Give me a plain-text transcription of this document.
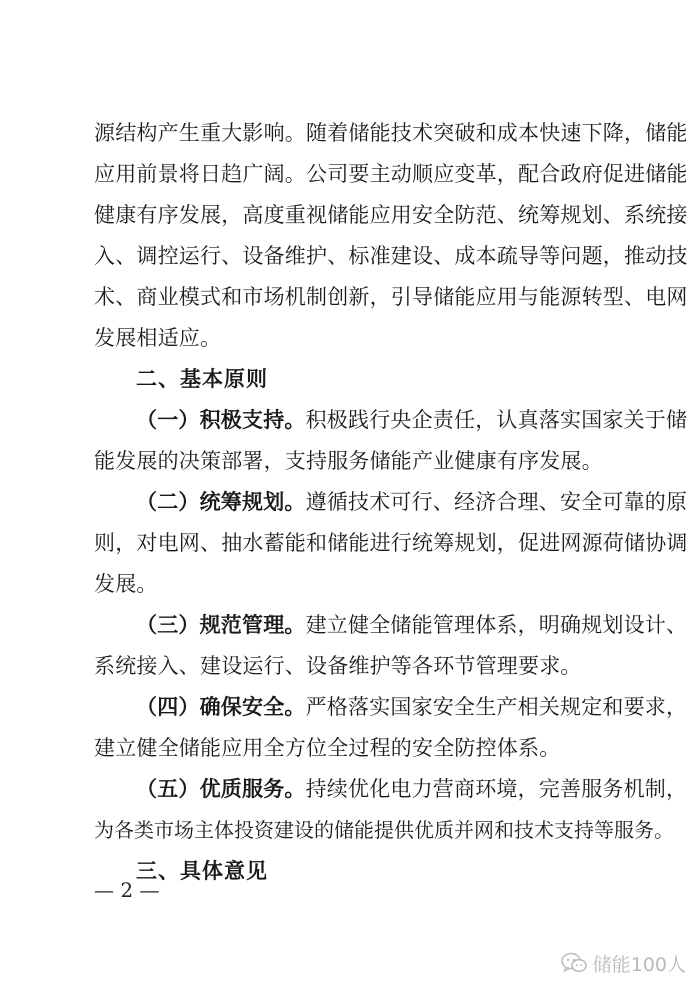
源结构产生重大影响。随着储能技术突破和成本快速下降，储能
应用前景将日趋广阔。公司要主动顺应变革，配合政府促进储能
健康有序发展，高度重视储能应用安全防范、统筹规划、系统接
入、调控运行、设备维护、标准建设、成本疏导等问题，推动技
术、商业模式和市场机制创新，引导储能应用与能源转型、电网
发展相适应。
二、基本原则
（一）积极支持。积极践行央企责任，认真落实国家关于储
能发展的决策部署，支持服务储能产业健康有序发展。
（二）统筹规划。遵循技术可行、经济合理、安全可靠的原
则，对电网、抽水蓄能和储能进行统筹规划，促进网源荷储协调
发展。
（三）规范管理。建立健全储能管理体系，明确规划设计、
系统接入、建设运行、设备维护等各环节管理要求。
（四）确保安全。严格落实国家安全生产相关规定和要求，
建立健全储能应用全方位全过程的安全防控体系。
（五）优质服务。持续优化电力营商环境，完善服务机制，
为各类市场主体投资建设的储能提供优质并网和技术支持等服务。
三、具体意见
— 2 —
储能100人
